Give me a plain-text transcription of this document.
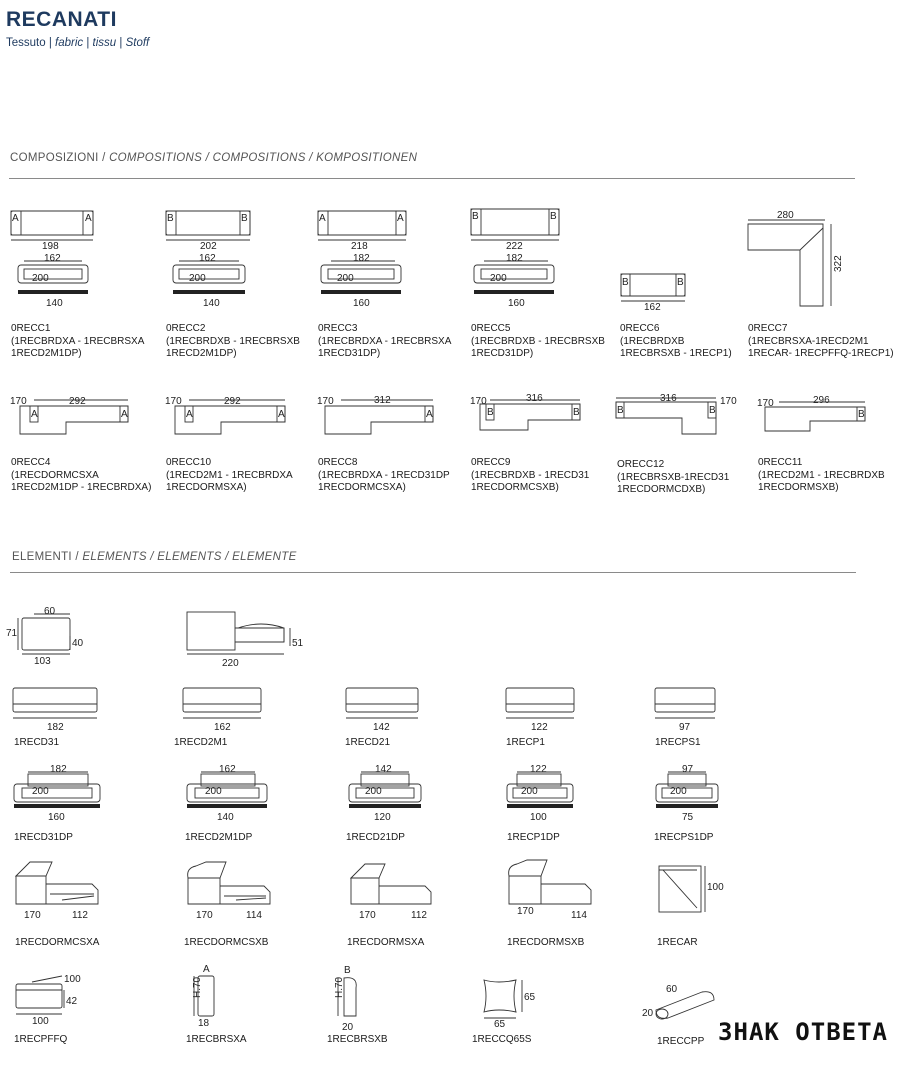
RECANATI
Tessuto | fabric | tissu | Stoff
COMPOSIZIONI / COMPOSITIONS / COMPOSITIONS / KOMPOSITIONEN
A	A
198
162
200
140
0RECC1
(1RECBRDXA - 1RECBRSXA
1RECD2M1DP)
B	B
202
162
200
140
0RECC2
(1RECBRDXB - 1RECBRSXB
1RECD2M1DP)
A	A
218
182
200
160
0RECC3
(1RECBRDXA - 1RECBRSXA
1RECD31DP)
B	B
222
182
200
160
0RECC5
(1RECBRDXB - 1RECBRSXB
1RECD31DP)
B	B
162
0RECC6
(1RECBRDXB
1RECBRSXB - 1RECP1)
280
322
0RECC7
(1RECBRSXA-1RECD2M1
1RECAR- 1RECPFFQ-1RECP1)
170	292
A	A
0RECC4
(1RECDORMCSXA
1RECD2M1DP - 1RECBRDXA)
170	292
A	A
0RECC10
(1RECD2M1 - 1RECBRDXA
1RECDORMSXA)
170	312
A
0RECC8
(1RECBRDXA - 1RECD31DP
1RECDORMCSXA)
170	316
B	B
0RECC9
(1RECBRDXB - 1RECD31
1RECDORMCSXB)
316	170
B	B
ORECC12
(1RECBRSXB-1RECD31
1RECDORMCDXB)
170	296
B
0RECC11
(1RECD2M1 - 1RECBRDXB
1RECDORMSXB)
ELEMENTI / ELEMENTS / ELEMENTS / ELEMENTE
60
71
40
103
51
220
182
1RECD31
162
1RECD2M1
142
1RECD21
122
1RECP1
97
1RECPS1
182
200
160
1RECD31DP
162
200
140
1RECD2M1DP
142
200
120
1RECD21DP
122
200
100
1RECP1DP
97
200
75
1RECPS1DP
170	112
1RECDORMCSXA
170	114
1RECDORMCSXB
170	112
1RECDORMSXA
170	114
1RECDORMSXB
100
1RECAR
100
42
100
1RECPFFQ
A
H.70
18
1RECBRSXA
B
H.70
20
1RECBRSXB
65
65
1RECCQ65S
60
20
1RECCPP ЗНАК ОТВЕТА
